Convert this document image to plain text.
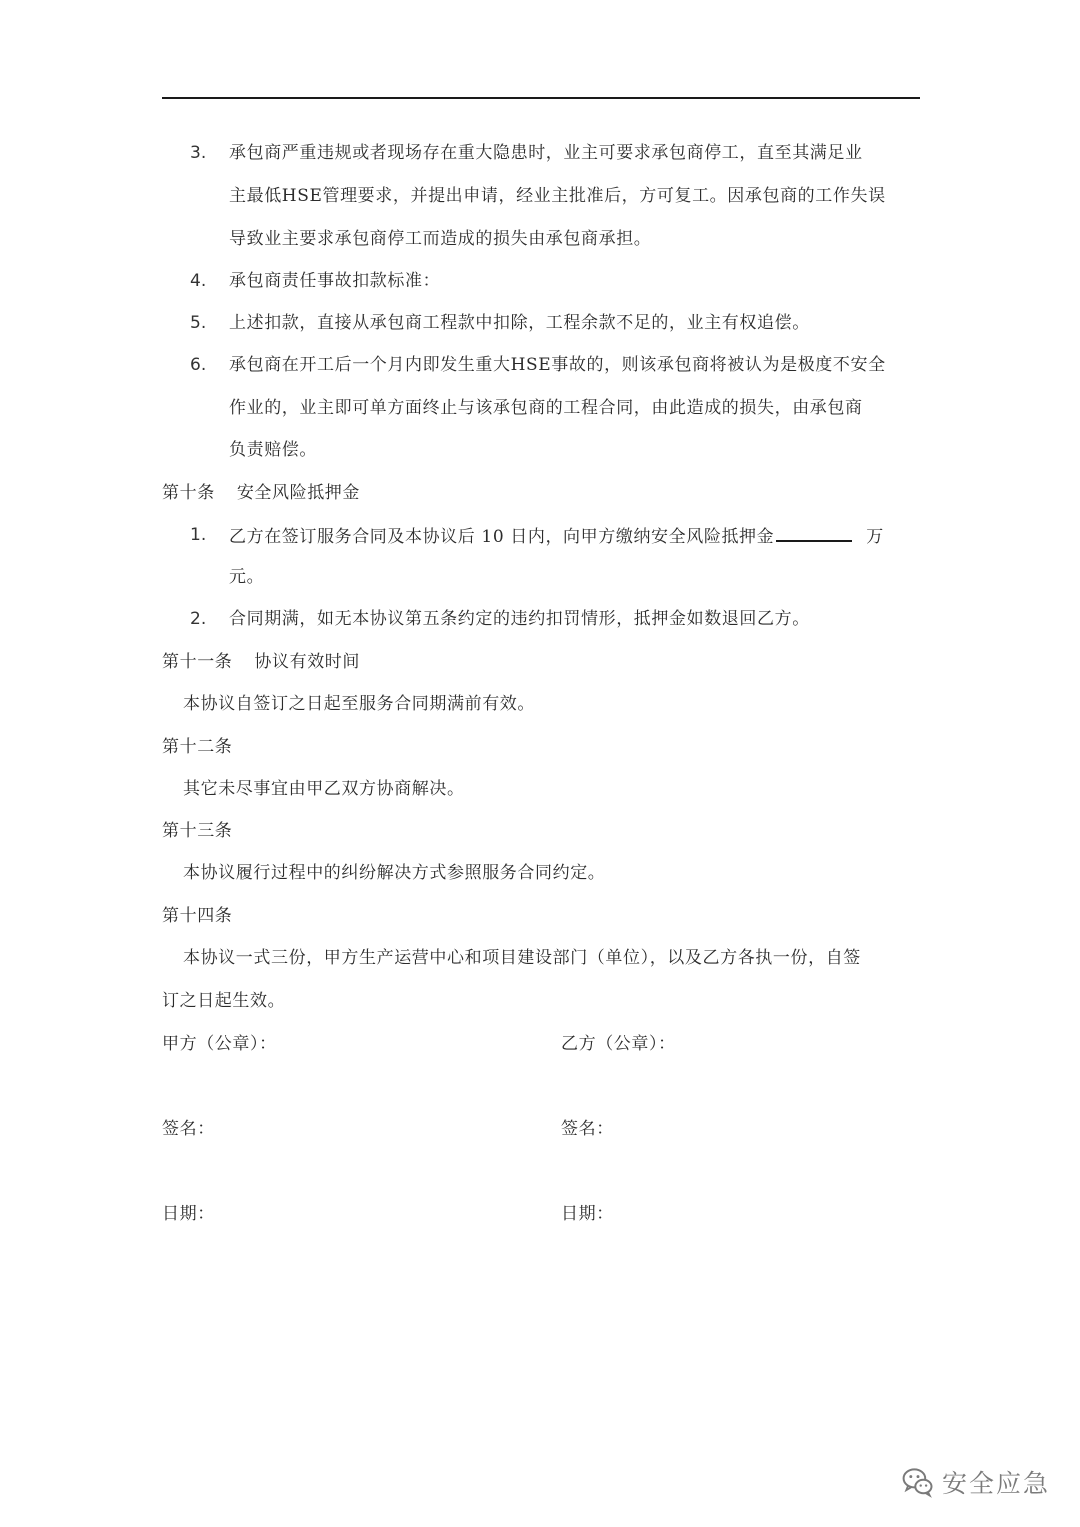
3.	承包商严重违规或者现场存在重大隐患时，业主可要求承包商停工，直至其满足业
主最低HSE管理要求，并提出申请，经业主批准后，方可复工。因承包商的工作失误
导致业主要求承包商停工而造成的损失由承包商承担。
4.	承包商责任事故扣款标准：
5.	上述扣款，直接从承包商工程款中扣除，工程余款不足的，业主有权追偿。
6.	承包商在开工后一个月内即发生重大HSE事故的，则该承包商将被认为是极度不安全
作业的，业主即可单方面终止与该承包商的工程合同，由此造成的损失，由承包商
负责赔偿。
第十条 安全风险抵押金
1.	乙方在签订服务合同及本协议后 10 日内，向甲方缴纳安全风险抵押金	万
元。
2.	合同期满，如无本协议第五条约定的违约扣罚情形，抵押金如数退回乙方。
第十一条 协议有效时间
本协议自签订之日起至服务合同期满前有效。
第十二条
其它未尽事宜由甲乙双方协商解决。
第十三条
本协议履行过程中的纠纷解决方式参照服务合同约定。
第十四条
本协议一式三份，甲方生产运营中心和项目建设部门（单位），以及乙方各执一份，自签
订之日起生效。
甲方（公章）：	乙方（公章）：
签名：	签名：
日期：	日期：
安全应急
